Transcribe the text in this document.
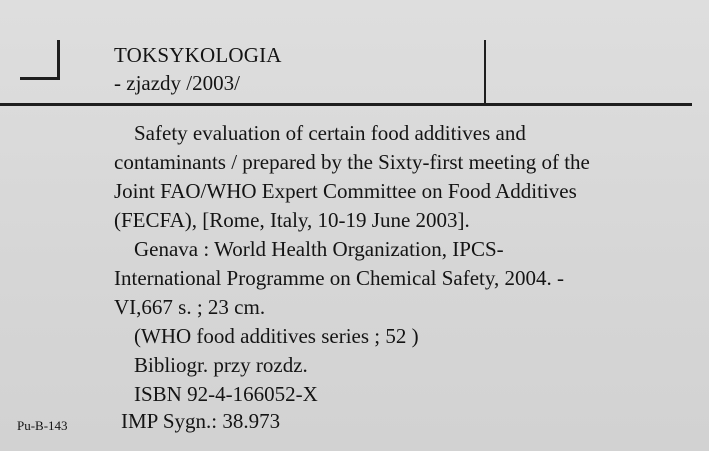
TOKSYKOLOGIA
- zjazdy /2003/
Safety evaluation of certain food additives and
contaminants / prepared by the Sixty-first meeting of the
Joint FAO/WHO Expert Committee on Food Additives
(FECFA), [Rome, Italy, 10-19 June 2003].
Genava : World Health Organization, IPCS-
International Programme on Chemical Safety, 2004. -
VI,667 s. ; 23 cm.
(WHO food additives series ; 52 )
Bibliogr. przy rozdz.
ISBN 92-4-166052-X
Pu-B-143	IMP Sygn.: 38.973
